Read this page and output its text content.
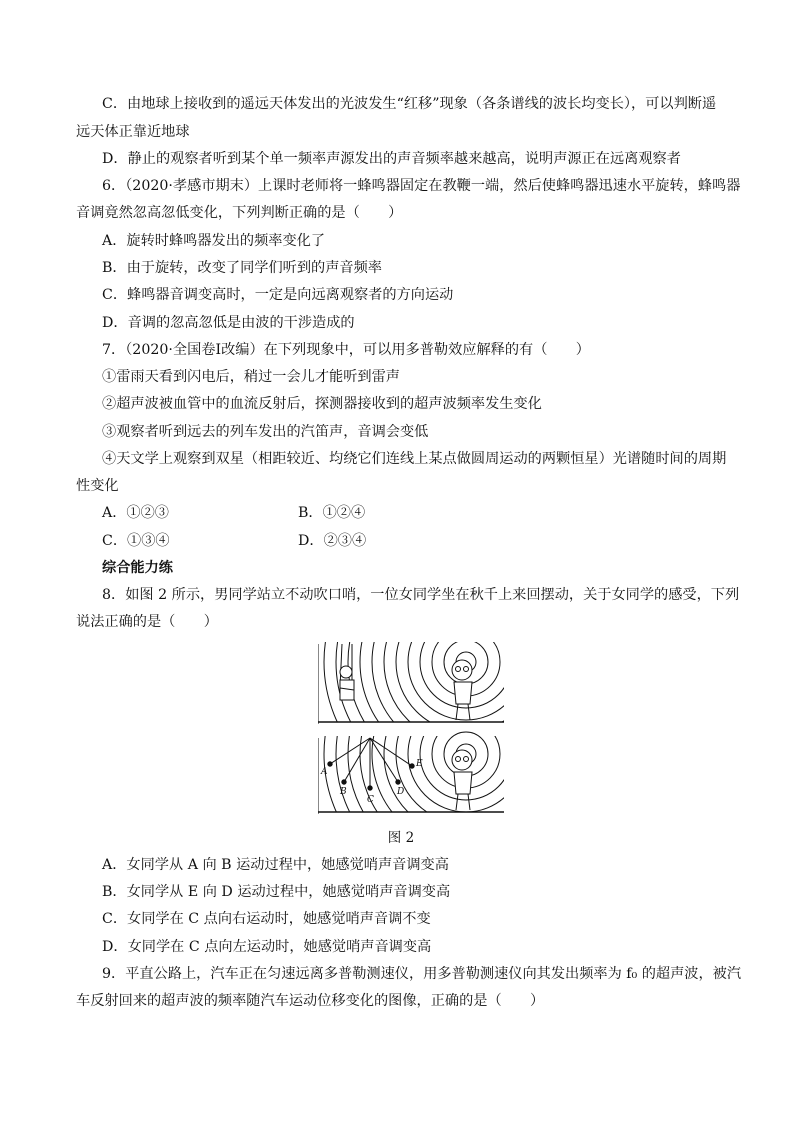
C．由地球上接收到的遥远天体发出的光波发生“红移”现象（各条谱线的波长均变长），可以判断遥
远天体正靠近地球
D．静止的观察者听到某个单一频率声源发出的声音频率越来越高，说明声源正在远离观察者
6．（2020·孝感市期末）上课时老师将一蜂鸣器固定在教鞭一端，然后使蜂鸣器迅速水平旋转，蜂鸣器
音调竟然忽高忽低变化，下列判断正确的是（　　）
A．旋转时蜂鸣器发出的频率变化了
B．由于旋转，改变了同学们听到的声音频率
C．蜂鸣器音调变高时，一定是向远离观察者的方向运动
D．音调的忽高忽低是由波的干涉造成的
7．（2020·全国卷Ⅰ改编）在下列现象中，可以用多普勒效应解释的有（　　）
①雷雨天看到闪电后，稍过一会儿才能听到雷声
②超声波被血管中的血流反射后，探测器接收到的超声波频率发生变化
③观察者听到远去的列车发出的汽笛声，音调会变低
④天文学上观察到双星（相距较近、均绕它们连线上某点做圆周运动的两颗恒星）光谱随时间的周期
性变化
A．①②③	B．①②④
C．①③④	D．②③④
综合能力练
8．如图 2 所示，男同学站立不动吹口哨，一位女同学坐在秋千上来回摆动，关于女同学的感受，下列
说法正确的是（　　）
A
B
C
D
E
图 2
A．女同学从 A 向 B 运动过程中，她感觉哨声音调变高
B．女同学从 E 向 D 运动过程中，她感觉哨声音调变高
C．女同学在 C 点向右运动时，她感觉哨声音调不变
D．女同学在 C 点向左运动时，她感觉哨声音调变高
9．平直公路上，汽车正在匀速远离多普勒测速仪，用多普勒测速仪向其发出频率为 f₀ 的超声波，被汽
车反射回来的超声波的频率随汽车运动位移变化的图像，正确的是（　　）
